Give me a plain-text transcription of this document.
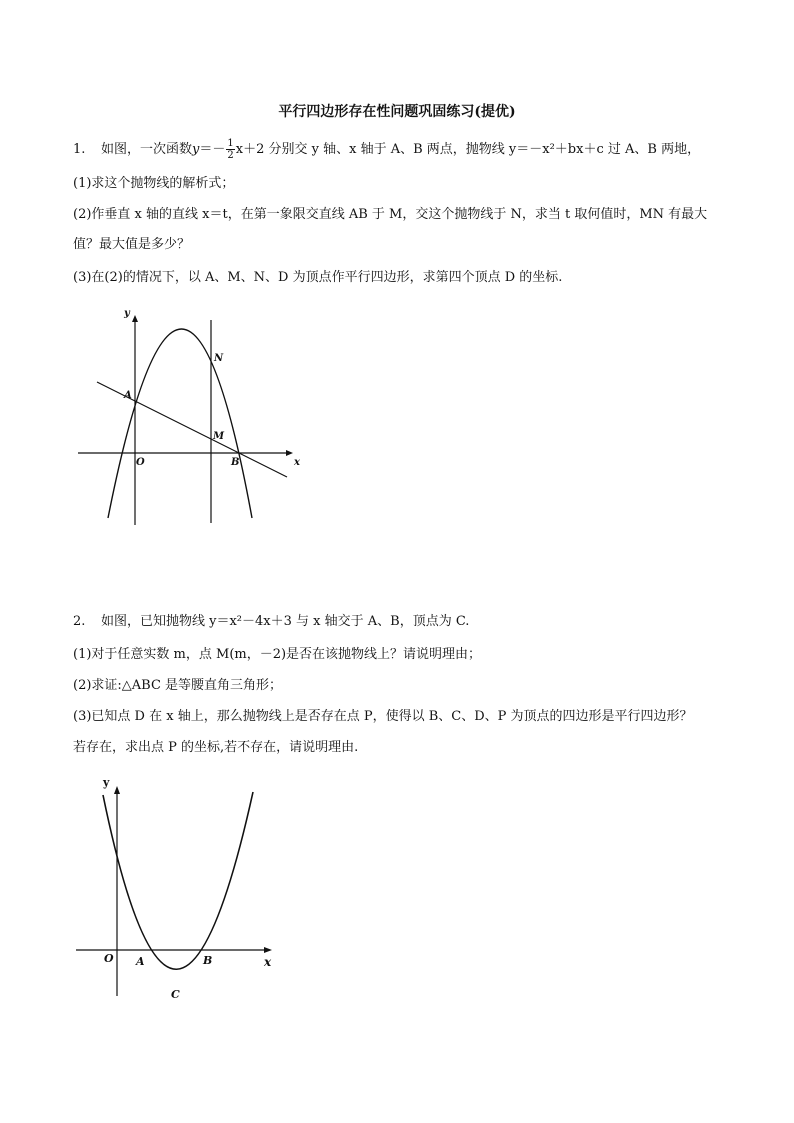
平行四边形存在性问题巩固练习(提优)
1. 如图，一次函数$y=- \frac{1}{2} x+2$ 分别交 y 轴、x 轴于 A、B 两点，抛物线 y＝－x²＋bx＋c 过 A、B 两地，
(1)求这个抛物线的解析式；
(2)作垂直 x 轴的直线 x＝t，在第一象限交直线 AB 于 M，交这个抛物线于 N，求当 t 取何值时，MN 有最大
值？最大值是多少？
(3)在(2)的情况下，以 A、M、N、D 为顶点作平行四边形，求第四个顶点 D 的坐标.
y
x
O
A
B
M
N
2. 如图，已知抛物线 y＝x²－4x＋3 与 x 轴交于 A、B，顶点为 C.
(1)对于任意实数 m，点 M(m，－2)是否在该抛物线上？请说明理由；
(2)求证:△ABC 是等腰直角三角形；
(3)已知点 D 在 x 轴上，那么抛物线上是否存在点 P，使得以 B、C、D、P 为顶点的四边形是平行四边形？
若存在，求出点 P 的坐标,若不存在，请说明理由.
y
x
O A	B
C
